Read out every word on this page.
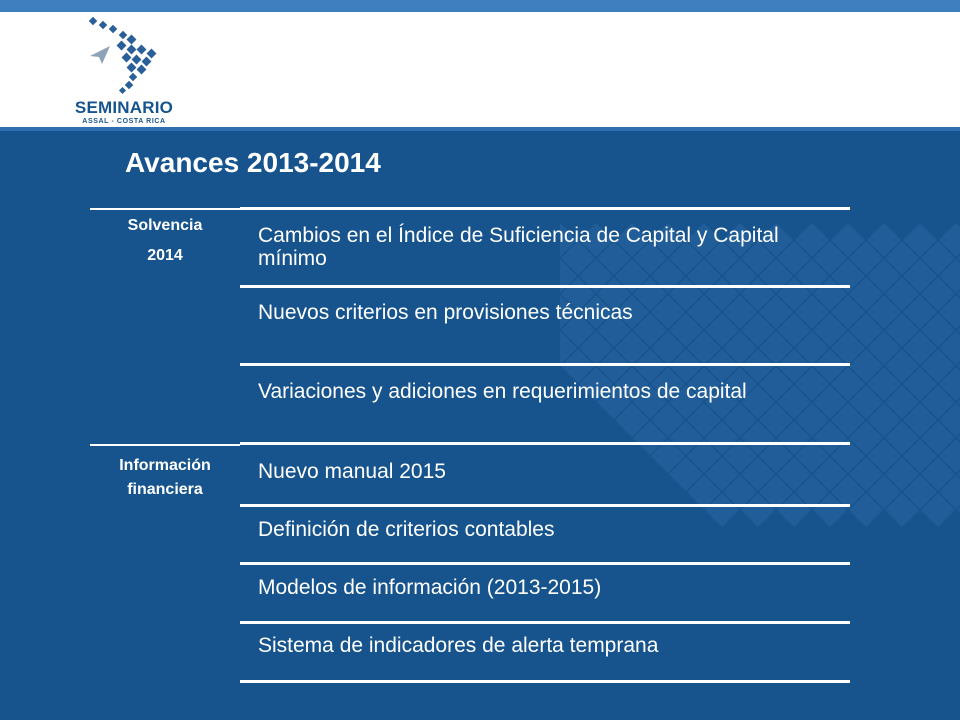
SEMINARIO
ASSAL - COSTA RICA
Avances 2013-2014
Solvencia
2014
Información
financiera
Cambios en el Índice de Suficiencia de Capital y Capital mínimo
Nuevos criterios en provisiones técnicas
Variaciones y adiciones en requerimientos de capital
Nuevo manual 2015
Definición de criterios contables
Modelos de información (2013-2015)
Sistema de indicadores de alerta temprana
